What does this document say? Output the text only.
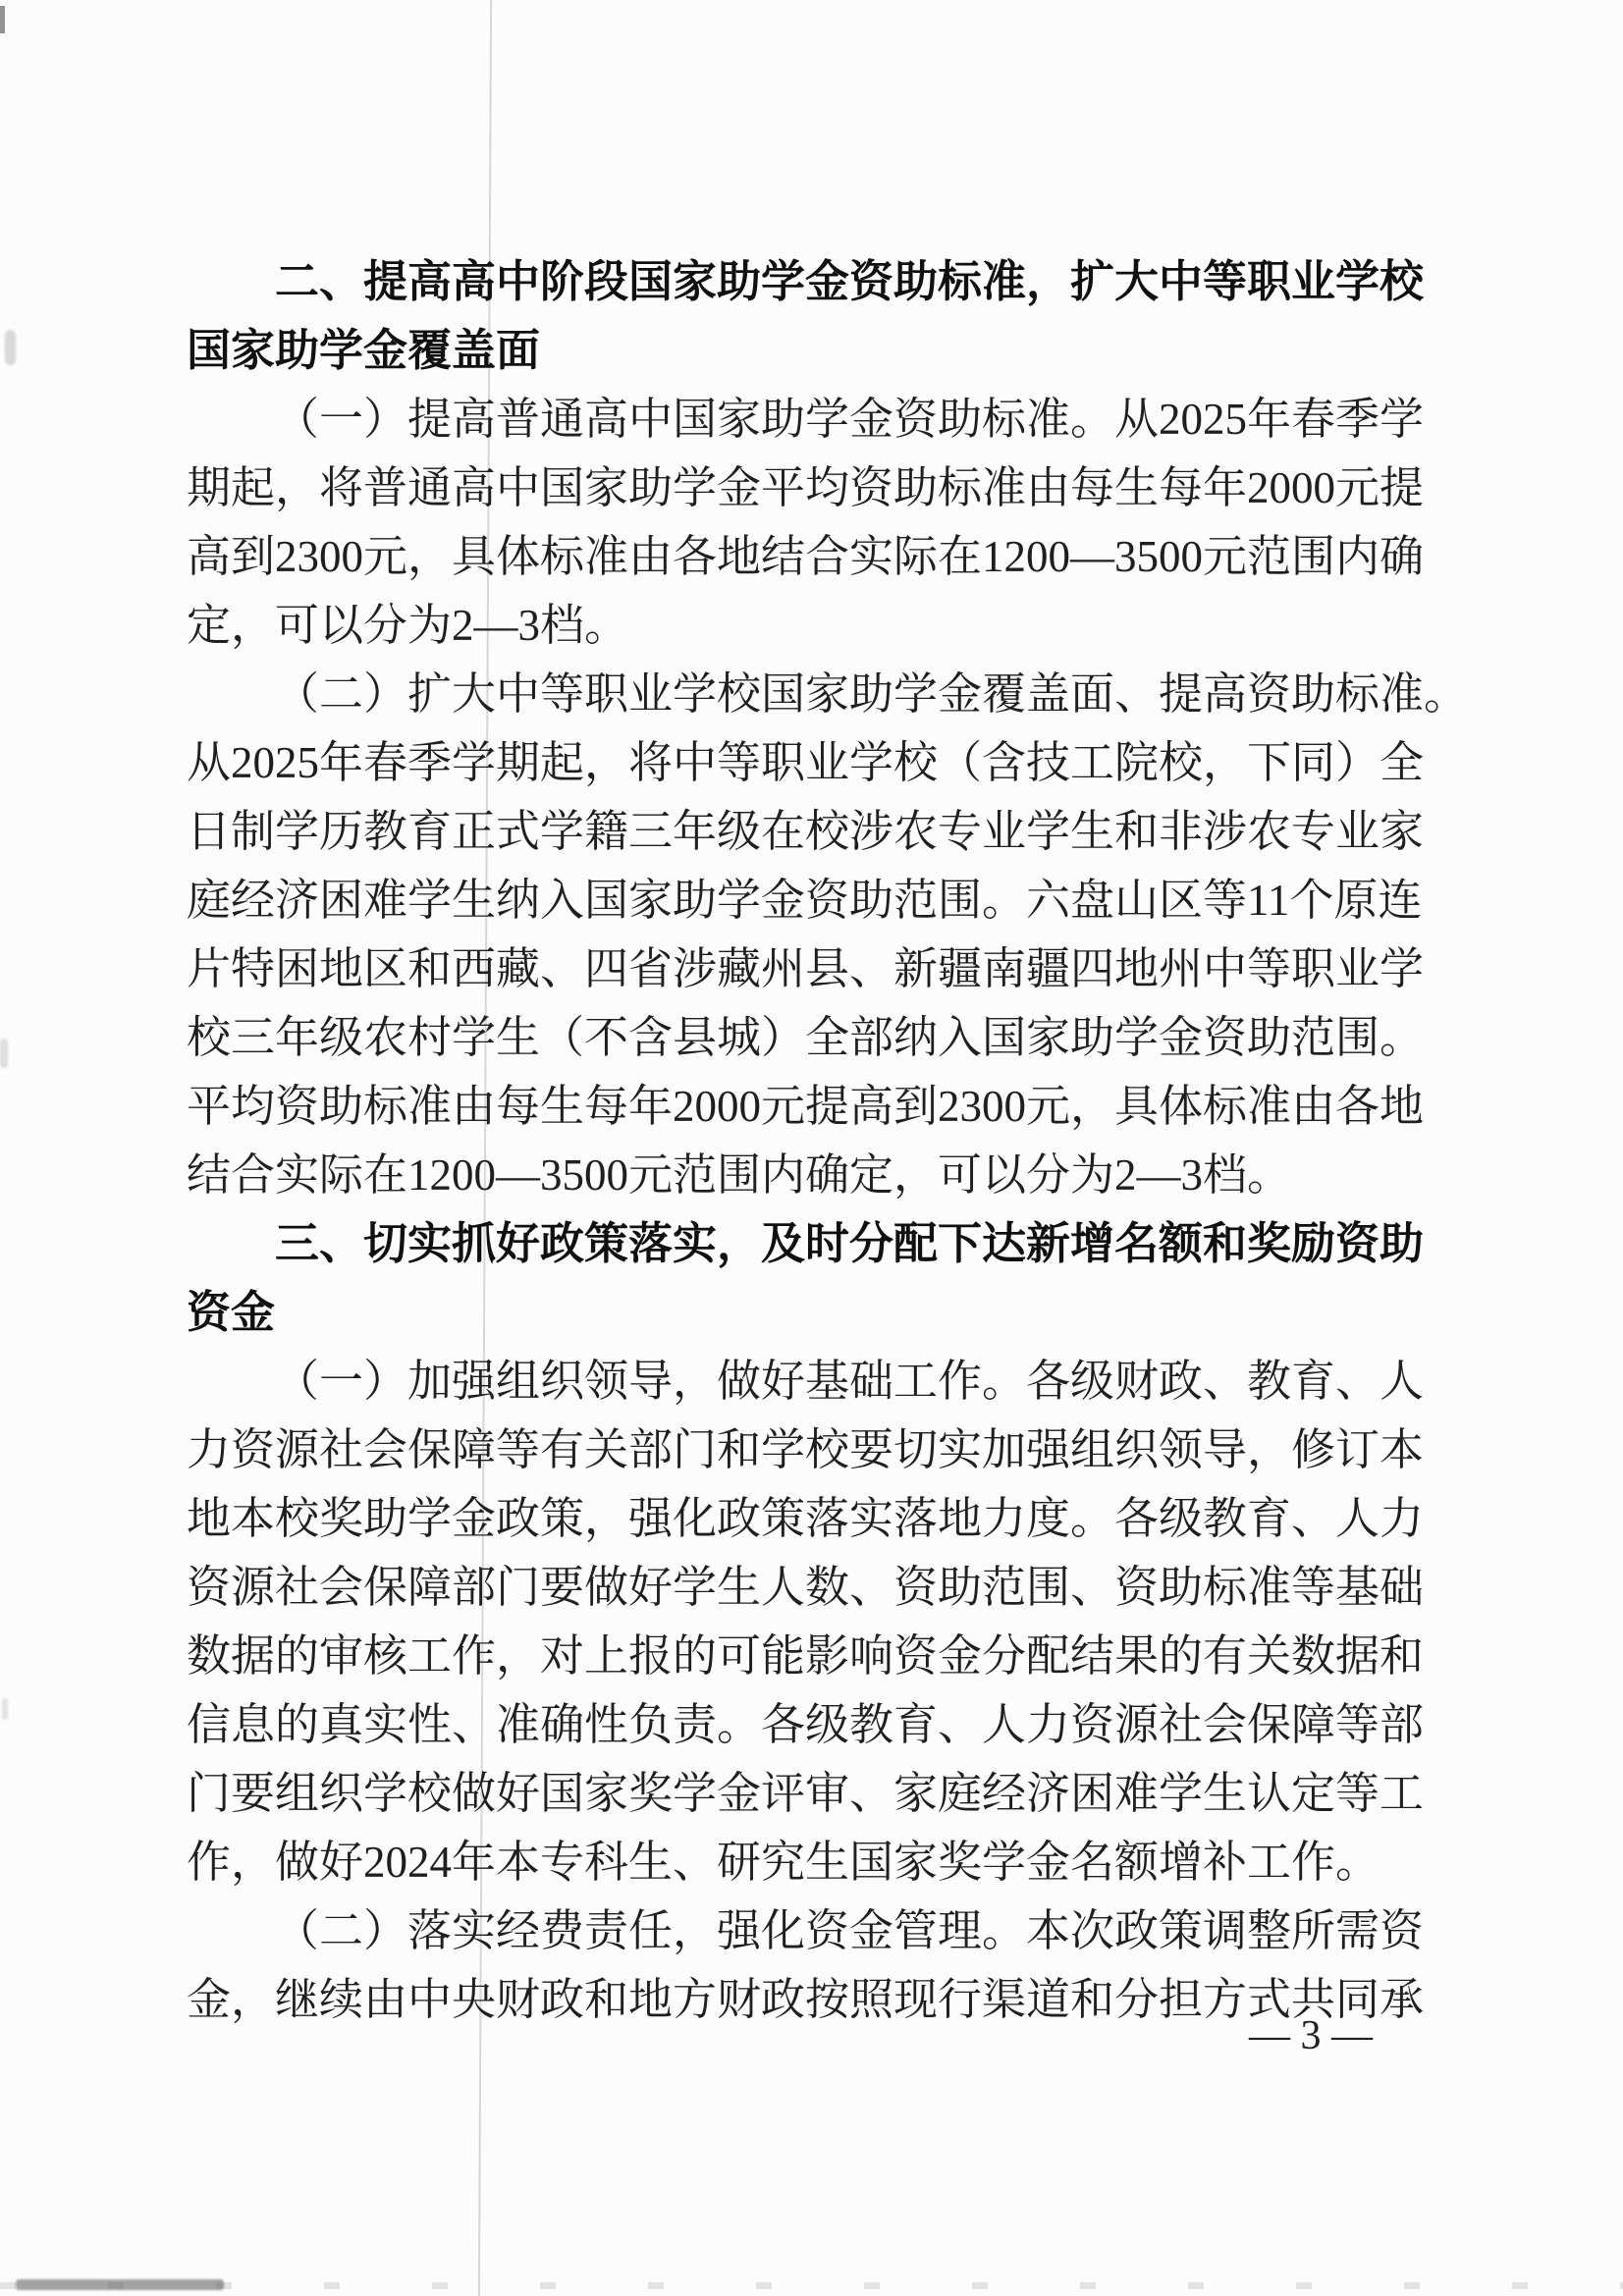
二、提高高中阶段国家助学金资助标准，扩大中等职业学校
国家助学金覆盖面
（一）提高普通高中国家助学金资助标准。从2025年春季学
期起，将普通高中国家助学金平均资助标准由每生每年2000元提
高到2300元，具体标准由各地结合实际在1200—3500元范围内确
定，可以分为2—3档。
（二）扩大中等职业学校国家助学金覆盖面、提高资助标准。
从2025年春季学期起，将中等职业学校（含技工院校，下同）全
日制学历教育正式学籍三年级在校涉农专业学生和非涉农专业家
庭经济困难学生纳入国家助学金资助范围。六盘山区等11个原连
片特困地区和西藏、四省涉藏州县、新疆南疆四地州中等职业学
校三年级农村学生（不含县城）全部纳入国家助学金资助范围。
平均资助标准由每生每年2000元提高到2300元，具体标准由各地
结合实际在1200—3500元范围内确定，可以分为2—3档。
三、切实抓好政策落实，及时分配下达新增名额和奖励资助
资金
（一）加强组织领导，做好基础工作。各级财政、教育、人
力资源社会保障等有关部门和学校要切实加强组织领导，修订本
地本校奖助学金政策，强化政策落实落地力度。各级教育、人力
资源社会保障部门要做好学生人数、资助范围、资助标准等基础
数据的审核工作，对上报的可能影响资金分配结果的有关数据和
信息的真实性、准确性负责。各级教育、人力资源社会保障等部
门要组织学校做好国家奖学金评审、家庭经济困难学生认定等工
作，做好2024年本专科生、研究生国家奖学金名额增补工作。
（二）落实经费责任，强化资金管理。本次政策调整所需资
金，继续由中央财政和地方财政按照现行渠道和分担方式共同承
— 3 —
